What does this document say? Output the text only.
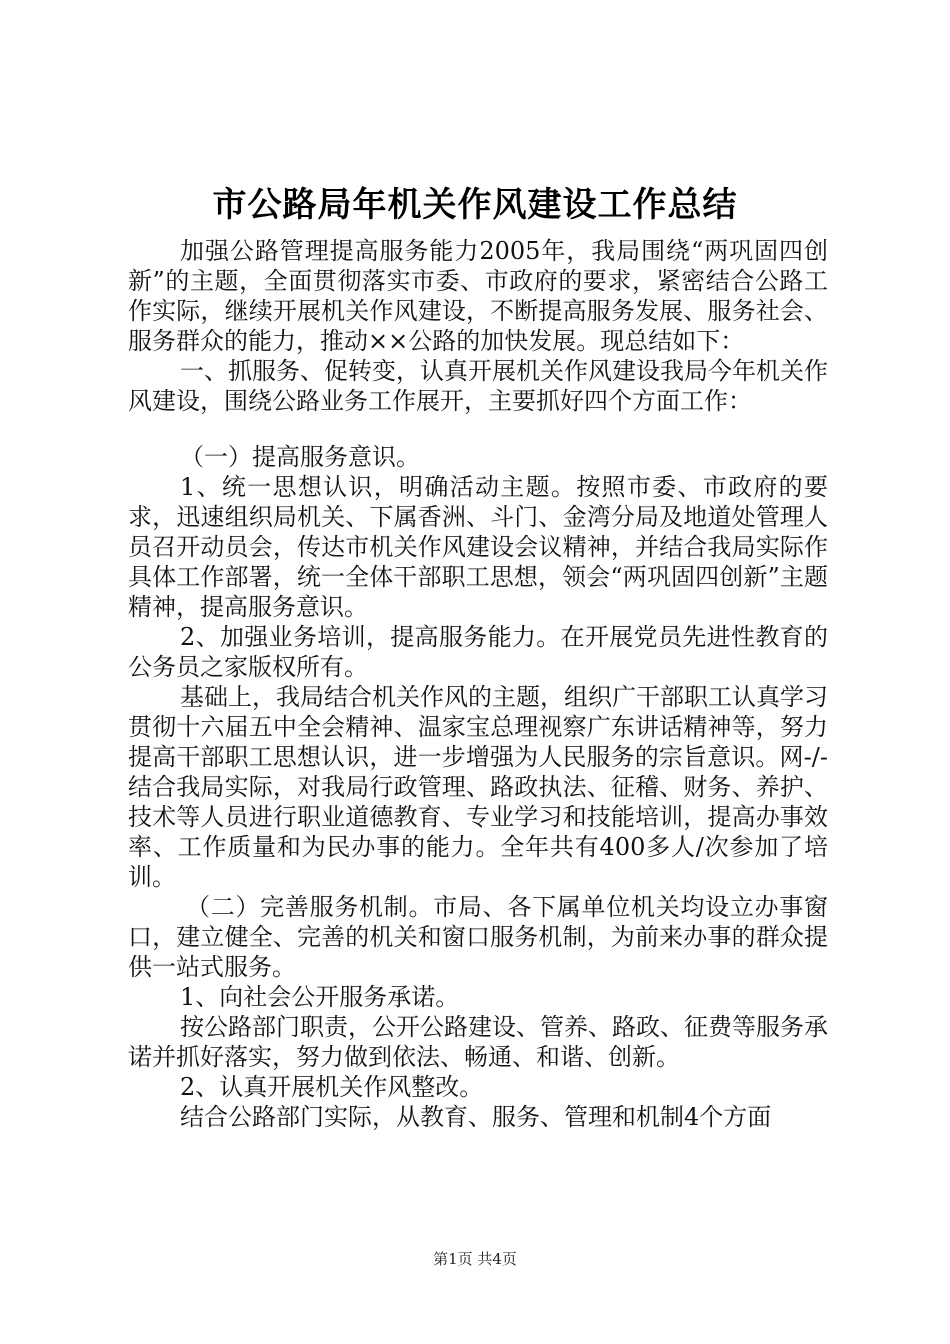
市公路局年机关作风建设工作总结

加强公路管理提高服务能力2005年，我局围绕“两巩固四创新”的主题，全面贯彻落实市委、市政府的要求，紧密结合公路工作实际，继续开展机关作风建设，不断提高服务发展、服务社会、服务群众的能力，推动××公路的加快发展。现总结如下：

一、抓服务、促转变，认真开展机关作风建设我局今年机关作风建设，围绕公路业务工作展开，主要抓好四个方面工作：

（一）提高服务意识。

1、统一思想认识，明确活动主题。按照市委、市政府的要求，迅速组织局机关、下属香洲、斗门、金湾分局及地道处管理人员召开动员会，传达市机关作风建设会议精神，并结合我局实际作具体工作部署，统一全体干部职工思想，领会“两巩固四创新”主题精神，提高服务意识。

2、加强业务培训，提高服务能力。在开展党员先进性教育的公务员之家版权所有。

基础上，我局结合机关作风的主题，组织广干部职工认真学习贯彻十六届五中全会精神、温家宝总理视察广东讲话精神等，努力提高干部职工思想认识，进一步增强为人民服务的宗旨意识。网-/-结合我局实际，对我局行政管理、路政执法、征稽、财务、养护、技术等人员进行职业道德教育、专业学习和技能培训，提高办事效率、工作质量和为民办事的能力。全年共有400多人/次参加了培训。

（二）完善服务机制。市局、各下属单位机关均设立办事窗口，建立健全、完善的机关和窗口服务机制，为前来办事的群众提供一站式服务。

1、向社会公开服务承诺。

按公路部门职责，公开公路建设、管养、路政、征费等服务承诺并抓好落实，努力做到依法、畅通、和谐、创新。

2、认真开展机关作风整改。

结合公路部门实际，从教育、服务、管理和机制4个方面

第1页 共4页
